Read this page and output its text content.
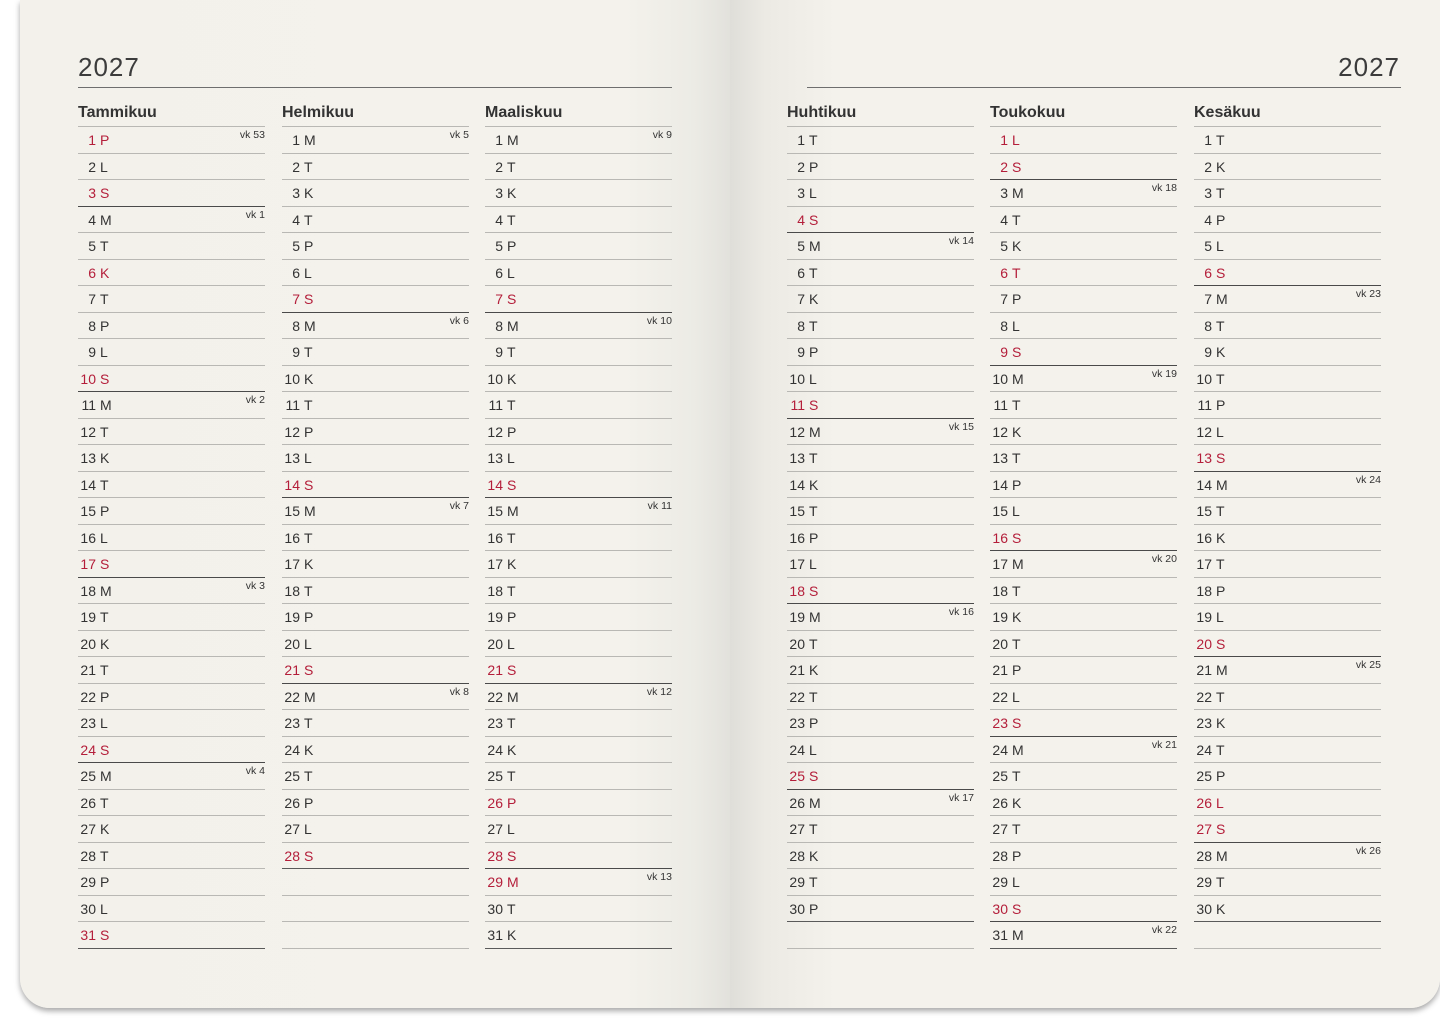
2027
Tammikuu
1 P	vk 53
2 L
3 S
4 M	vk 1
5 T
6 K
7 T
8 P
9 L
10 S
11 M	vk 2
12 T
13 K
14 T
15 P
16 L
17 S
18 M	vk 3
19 T
20 K
21 T
22 P
23 L
24 S
25 M	vk 4
26 T
27 K
28 T
29 P
30 L
31 S
Helmikuu
1 M	vk 5
2 T
3 K
4 T
5 P
6 L
7 S
8 M	vk 6
9 T
10 K
11 T
12 P
13 L
14 S
15 M	vk 7
16 T
17 K
18 T
19 P
20 L
21 S
22 M	vk 8
23 T
24 K
25 T
26 P
27 L
28 S
Maaliskuu
1 M	vk 9
2 T
3 K
4 T
5 P
6 L
7 S
8 M	vk 10
9 T
10 K
11 T
12 P
13 L
14 S
15 M	vk 11
16 T
17 K
18 T
19 P
20 L
21 S
22 M	vk 12
23 T
24 K
25 T
26 P
27 L
28 S
29 M	vk 13
30 T
31 K
2027
Huhtikuu
1 T
2 P
3 L
4 S
5 M	vk 14
6 T
7 K
8 T
9 P
10 L
11 S
12 M	vk 15
13 T
14 K
15 T
16 P
17 L
18 S
19 M	vk 16
20 T
21 K
22 T
23 P
24 L
25 S
26 M	vk 17
27 T
28 K
29 T
30 P
Toukokuu
1 L
2 S
3 M	vk 18
4 T
5 K
6 T
7 P
8 L
9 S
10 M	vk 19
11 T
12 K
13 T
14 P
15 L
16 S
17 M	vk 20
18 T
19 K
20 T
21 P
22 L
23 S
24 M	vk 21
25 T
26 K
27 T
28 P
29 L
30 S
31 M	vk 22
Kesäkuu
1 T
2 K
3 T
4 P
5 L
6 S
7 M	vk 23
8 T
9 K
10 T
11 P
12 L
13 S
14 M	vk 24
15 T
16 K
17 T
18 P
19 L
20 S
21 M	vk 25
22 T
23 K
24 T
25 P
26 L
27 S
28 M	vk 26
29 T
30 K
